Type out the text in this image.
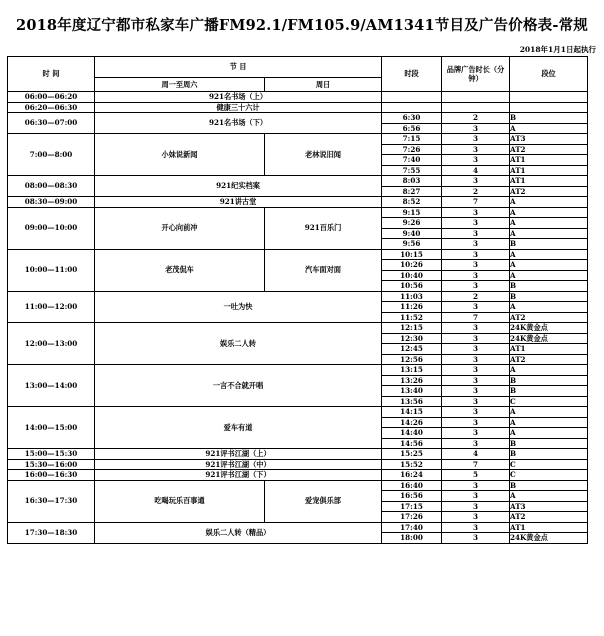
2018年度辽宁都市私家车广播FM92.1/FM105.9/AM1341节目及广告价格表-常规
2018年1月1日起执行
时 间	节 目		时段	品牌广告时长（分钟）	段位
	周一至周六	周日			
06:00—06:20	921名书场（上）				
06:20—06:30	健康三十六计				
06:30—07:00	921名书场（下）		6:30	2	B
			6:56	3	A
7:00—8:00	小妹说新闻	老林说旧闻	7:15	3	AT3
			7:26	3	AT2
			7:40	3	AT1
			7:55	4	AT1
08:00—08:30	921纪实档案		8:03	3	AT1
			8:27	2	AT2
08:30—09:00	921讲古堂		8:52	7	A
09:00—10:00	开心向前冲	921百乐门	9:15	3	A
			9:26	3	A
			9:40	3	A
			9:56	3	B
10:00—11:00	老茂侃车	汽车面对面	10:15	3	A
			10:26	3	A
			10:40	3	A
			10:56	3	B
11:00—12:00	一吐为快		11:03	2	B
			11:26	3	A
			11:52	7	AT2
12:00—13:00	娱乐二人转		12:15	3	24K黄金点
			12:30	3	24K黄金点
			12:45	3	AT1
			12:56	3	AT2
13:00—14:00	一言不合就开唱		13:15	3	A
			13:26	3	B
			13:40	3	B
			13:56	3	C
14:00—15:00	爱车有道		14:15	3	A
			14:26	3	A
			14:40	3	A
			14:56	3	B
15:00—15:30	921评书江湖（上）		15:25	4	B
15:30—16:00	921评书江湖（中）		15:52	7	C
16:00—16:30	921评书江湖（下）		16:24	5	C
16:30—17:30	吃喝玩乐百事通	爱宠俱乐部	16:40	3	B
			16:56	3	A
			17:15	3	AT3
			17:26	3	AT2
17:30—18:30	娱乐二人转（精品）		17:40	3	AT1
			18:00	3	24K黄金点
